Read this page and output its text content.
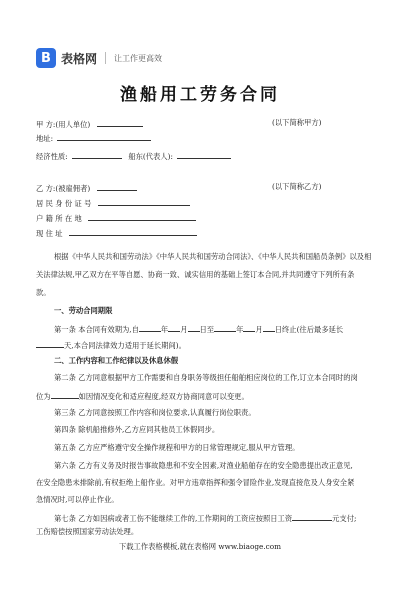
B 表格网 让工作更高效
渔船用工劳务合同
甲 方:(用人单位)	(以下简称甲方)
地址:
经济性质:	船东(代表人):
乙 方:(被雇佣者)	(以下简称乙方)
居 民 身 份 证 号
户 籍 所 在 地
现 住 址
根据《中华人民共和国劳动法》《中华人民共和国劳动合同法》、《中华人民共和国船员条例》以及相
关法律法规,甲乙双方在平等自愿、协商一致、诚实信用的基础上签订本合同,并共同遵守下列所有条
款。
一、劳动合同期限
第一条 本合同有效期为,自	年 月 日至	年 月 日终止(往后最多延长
天,本合同法律效力适用于延长期间)。
二、工作内容和工作纪律以及休息休假
第二条 乙方同意根据甲方工作需要和自身职务等级担任船舶相应岗位的工作,订立本合同时的岗
位为	如因情况变化和适应程度,经双方协商同意可以变更。
第三条 乙方同意按照工作内容和岗位要求,认真履行岗位职责。
第四条 除机船推修外,乙方应同其他员工休假同步。
第五条 乙方应严格遵守安全操作规程和甲方的日常管理规定,服从甲方管理。
第六条 乙方有义务及时报告事故隐患和不安全因素,对渔业船舶存在的安全隐患提出改正意见,
在安全隐患未排除前,有权拒绝上船作业。对甲方违章指挥和强令冒险作业,发现直接危及人身安全紧
急情况时,可以停止作业。
第七条 乙方如因病或者工伤不能继续工作的,工作期间的工资应按照日工资	元支付;
工伤赔偿按照国家劳动法处理。
下载工作表格模板,就在表格网 www.biaoge.com
